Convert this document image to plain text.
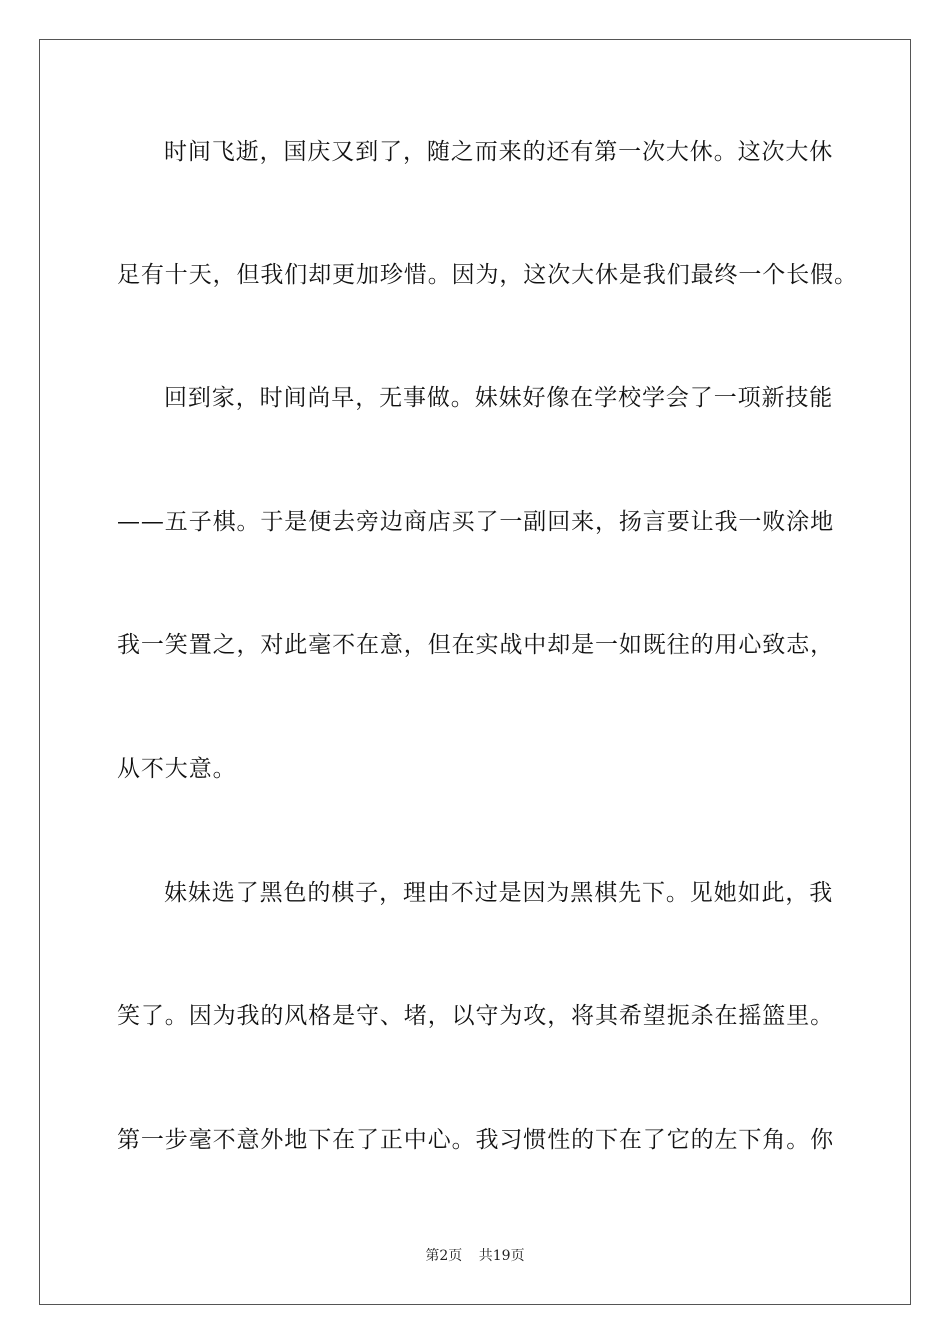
时间飞逝，国庆又到了，随之而来的还有第一次大休。这次大休
足有十天，但我们却更加珍惜。因为，这次大休是我们最终一个长假。
回到家，时间尚早，无事做。妹妹好像在学校学会了一项新技能
——五子棋。于是便去旁边商店买了一副回来，扬言要让我一败涂地
我一笑置之，对此毫不在意，但在实战中却是一如既往的用心致志，
从不大意。
妹妹选了黑色的棋子，理由不过是因为黑棋先下。见她如此，我
笑了。因为我的风格是守、堵，以守为攻，将其希望扼杀在摇篮里。
第一步毫不意外地下在了正中心。我习惯性的下在了它的左下角。你
第2页 共19页
